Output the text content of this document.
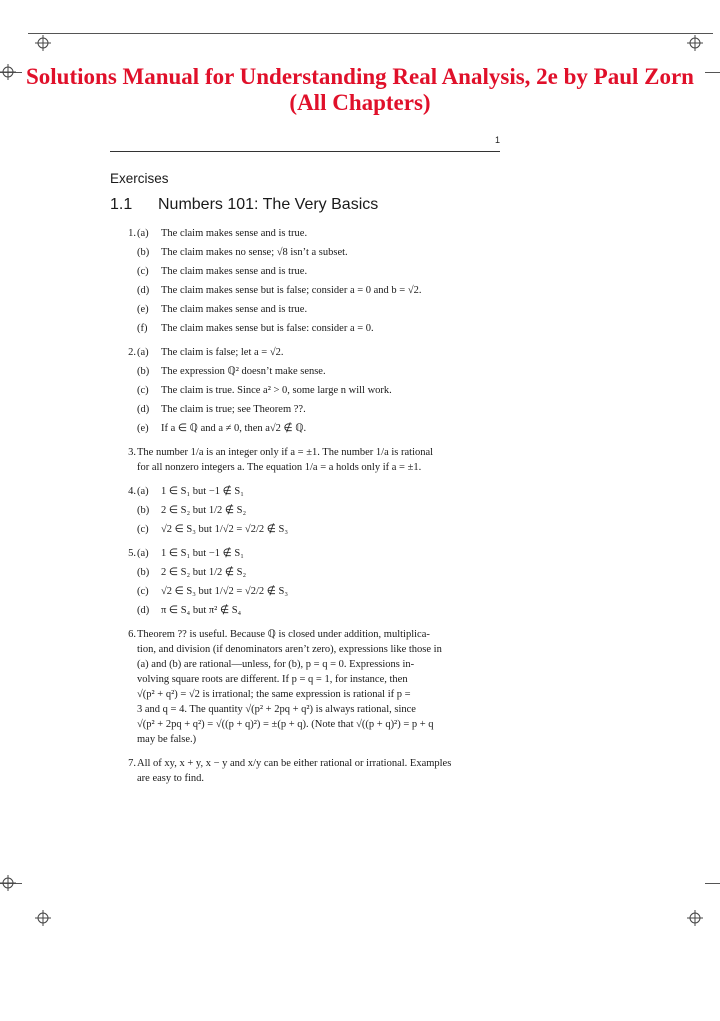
Solutions Manual for Understanding Real Analysis, 2e by Paul Zorn (All Chapters)
1
Exercises
1.1 Numbers 101: The Very Basics
1. (a) The claim makes sense and is true.
(b) The claim makes no sense; √8 isn’t a subset.
(c) The claim makes sense and is true.
(d) The claim makes sense but is false; consider a = 0 and b = √2.
(e) The claim makes sense and is true.
(f) The claim makes sense but is false: consider a = 0.
2. (a) The claim is false; let a = √2.
(b) The expression ℚ² doesn’t make sense.
(c) The claim is true. Since a² > 0, some large n will work.
(d) The claim is true; see Theorem ??.
(e) If a ∈ ℚ and a ≠ 0, then a√2 ∉ ℚ.
3. The number 1/a is an integer only if a = ±1. The number 1/a is rational
for all nonzero integers a. The equation 1/a = a holds only if a = ±1.
4. (a) 1 ∈ S₁ but −1 ∉ S₁
(b) 2 ∈ S₂ but 1/2 ∉ S₂
(c) √2 ∈ S₃ but 1/√2 = √2/2 ∉ S₃
5. (a) 1 ∈ S₁ but −1 ∉ S₁
(b) 2 ∈ S₂ but 1/2 ∉ S₂
(c) √2 ∈ S₃ but 1/√2 = √2/2 ∉ S₃
(d) π ∈ S₄ but π² ∉ S₄
6. Theorem ?? is useful. Because ℚ is closed under addition, multiplica-
tion, and division (if denominators aren’t zero), expressions like those in
(a) and (b) are rational—unless, for (b), p = q = 0. Expressions in-
volving square roots are different. If p = q = 1, for instance, then
√(p² + q²) = √2 is irrational; the same expression is rational if p =
3 and q = 4. The quantity √(p² + 2pq + q²) is always rational, since
√(p² + 2pq + q²) = √((p + q)²) = ±(p + q). (Note that √((p + q)²) = p + q
may be false.)
7. All of xy, x + y, x − y and x/y can be either rational or irrational. Examples
are easy to find.
